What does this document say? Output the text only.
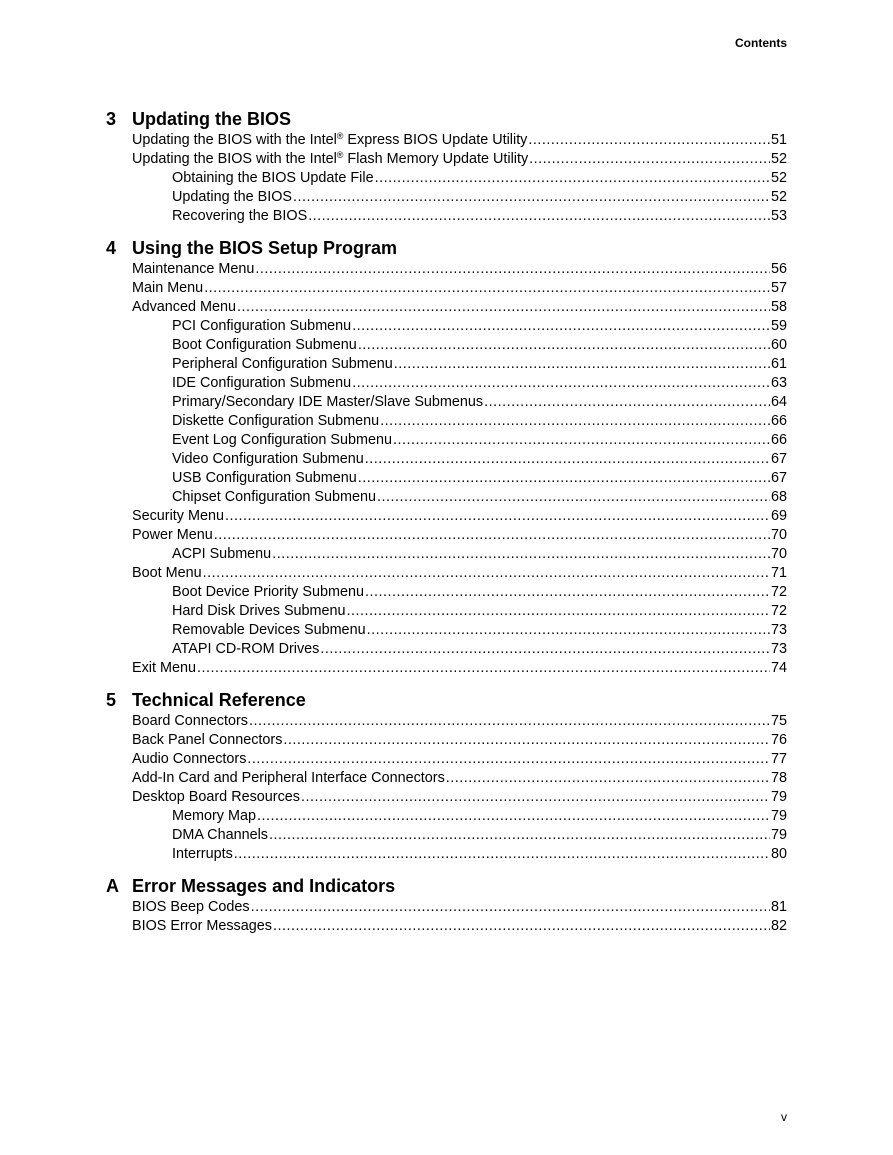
Contents
3 Updating the BIOS
Updating the BIOS with the Intel® Express BIOS Update Utility .....	51
Updating the BIOS with the Intel® Flash Memory Update Utility .....	52
Obtaining the BIOS Update File .....	52
Updating the BIOS .....	52
Recovering the BIOS .....	53
4 Using the BIOS Setup Program
Maintenance Menu .....	56
Main Menu .....	57
Advanced Menu .....	58
PCI Configuration Submenu .....	59
Boot Configuration Submenu .....	60
Peripheral Configuration Submenu .....	61
IDE Configuration Submenu .....	63
Primary/Secondary IDE Master/Slave Submenus .....	64
Diskette Configuration Submenu .....	66
Event Log Configuration Submenu .....	66
Video Configuration Submenu .....	67
USB Configuration Submenu .....	67
Chipset Configuration Submenu .....	68
Security Menu .....	69
Power Menu .....	70
ACPI Submenu .....	70
Boot Menu .....	71
Boot Device Priority Submenu .....	72
Hard Disk Drives Submenu .....	72
Removable Devices Submenu .....	73
ATAPI CD-ROM Drives .....	73
Exit Menu .....	74
5 Technical Reference
Board Connectors .....	75
Back Panel Connectors .....	76
Audio Connectors .....	77
Add-In Card and Peripheral Interface Connectors .....	78
Desktop Board Resources .....	79
Memory Map .....	79
DMA Channels .....	79
Interrupts .....	80
A Error Messages and Indicators
BIOS Beep Codes .....	81
BIOS Error Messages .....	82
v
